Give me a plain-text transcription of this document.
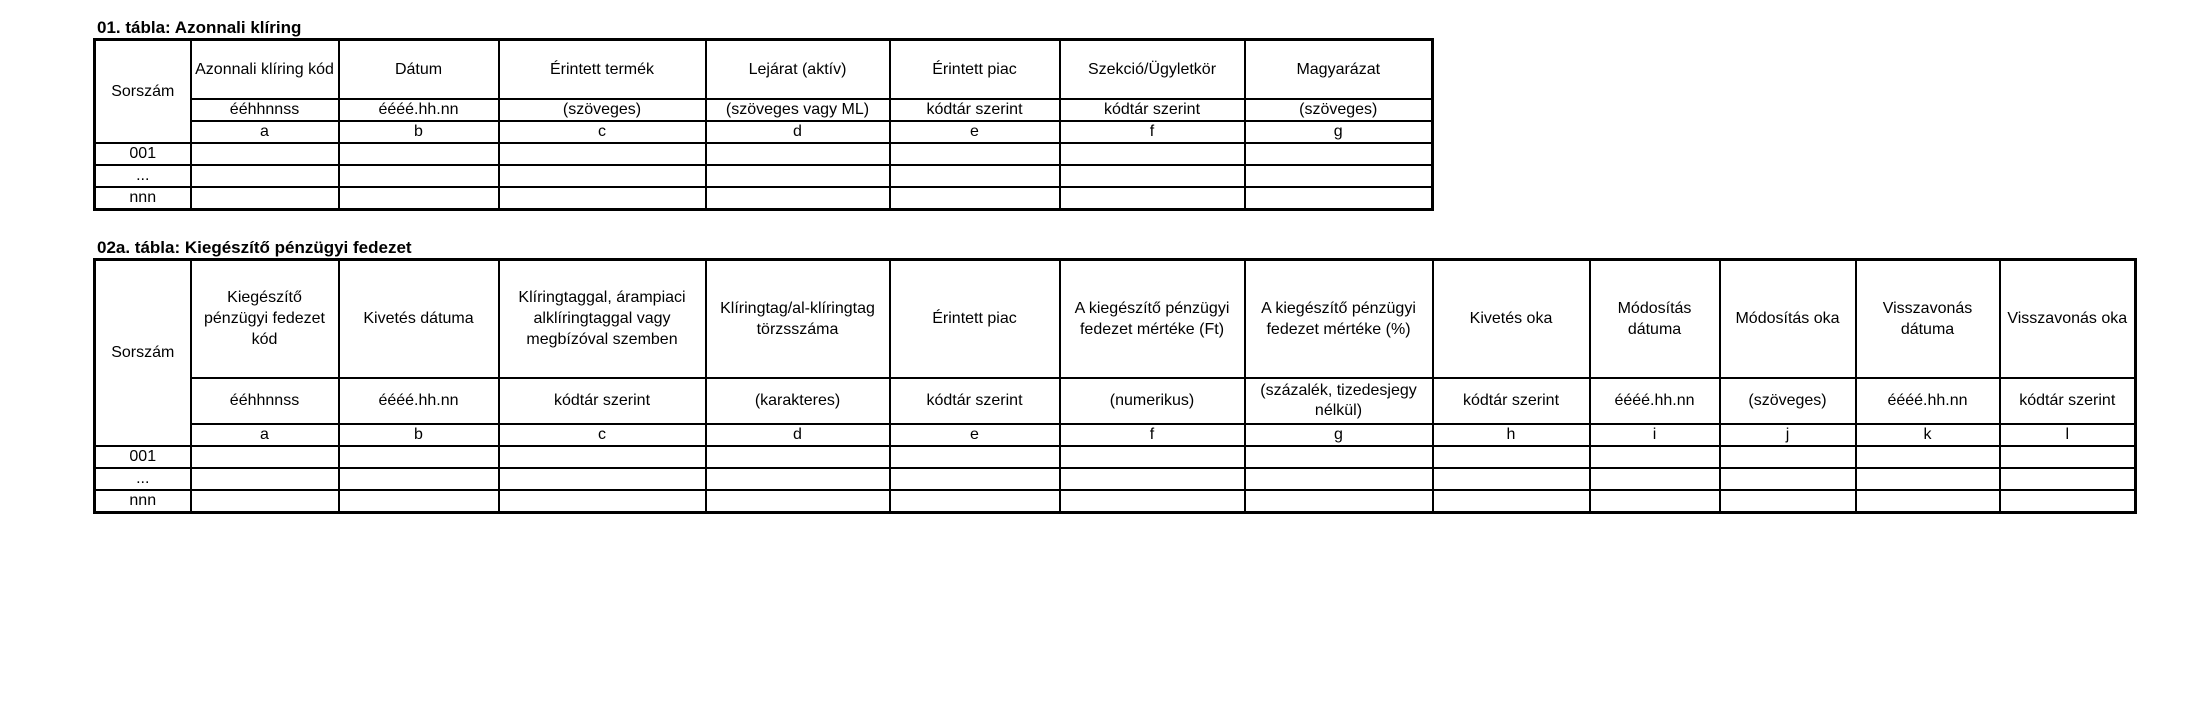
01. tábla: Azonnali klíring
Sorszám	Azonnali klíring kód	Dátum	Érintett termék	Lejárat (aktív)	Érintett piac	Szekció/Ügyletkör	Magyarázat
	ééhhnnss	éééé.hh.nn	(szöveges)	(szöveges vagy ML)	kódtár szerint	kódtár szerint	(szöveges)
	a	b	c	d	e	f	g
001							
...							
nnn							
02a. tábla: Kiegészítő pénzügyi fedezet
Sorszám	Kiegészítő pénzügyi fedezet kód	Kivetés dátuma	Klíringtaggal, árampiaci alklíringtaggal vagy megbízóval szemben	Klíringtag/al-klíringtag törzsszáma	Érintett piac	A kiegészítő pénzügyi fedezet mértéke (Ft)	A kiegészítő pénzügyi fedezet mértéke (%)	Kivetés oka	Módosítás dátuma	Módosítás oka	Visszavonás dátuma	Visszavonás oka
	ééhhnnss	éééé.hh.nn	kódtár szerint	(karakteres)	kódtár szerint	(numerikus)	(százalék, tizedesjegy nélkül)	kódtár szerint	éééé.hh.nn	(szöveges)	éééé.hh.nn	kódtár szerint
	a	b	c	d	e	f	g	h	i	j	k	l
001												
...												
nnn												
